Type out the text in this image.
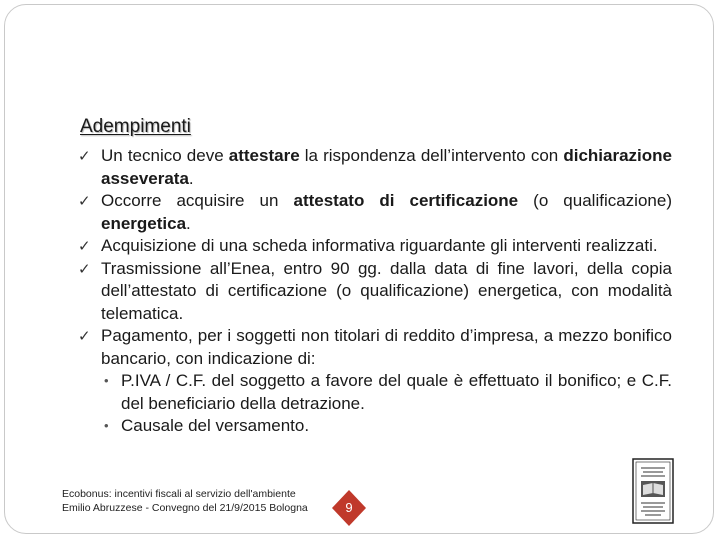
Adempimenti
✓ Un tecnico deve attestare la rispondenza dell’intervento con dichiarazione asseverata.
✓ Occorre acquisire un attestato di certificazione (o qualificazione) energetica.
✓ Acquisizione di una scheda informativa riguardante gli interventi realizzati.
✓ Trasmissione all’Enea, entro 90 gg. dalla data di fine lavori, della copia dell’attestato di certificazione (o qualificazione) energetica, con modalità telematica.
✓ Pagamento, per i soggetti non titolari di reddito d’impresa, a mezzo bonifico bancario, con indicazione di:
• P.IVA / C.F. del soggetto a favore del quale è effettuato il bonifico; e C.F. del beneficiario della detrazione.
• Causale del versamento.
Ecobonus: incentivi fiscali al servizio dell'ambiente
Emilio Abruzzese - Convegno del 21/9/2015 Bologna	9
